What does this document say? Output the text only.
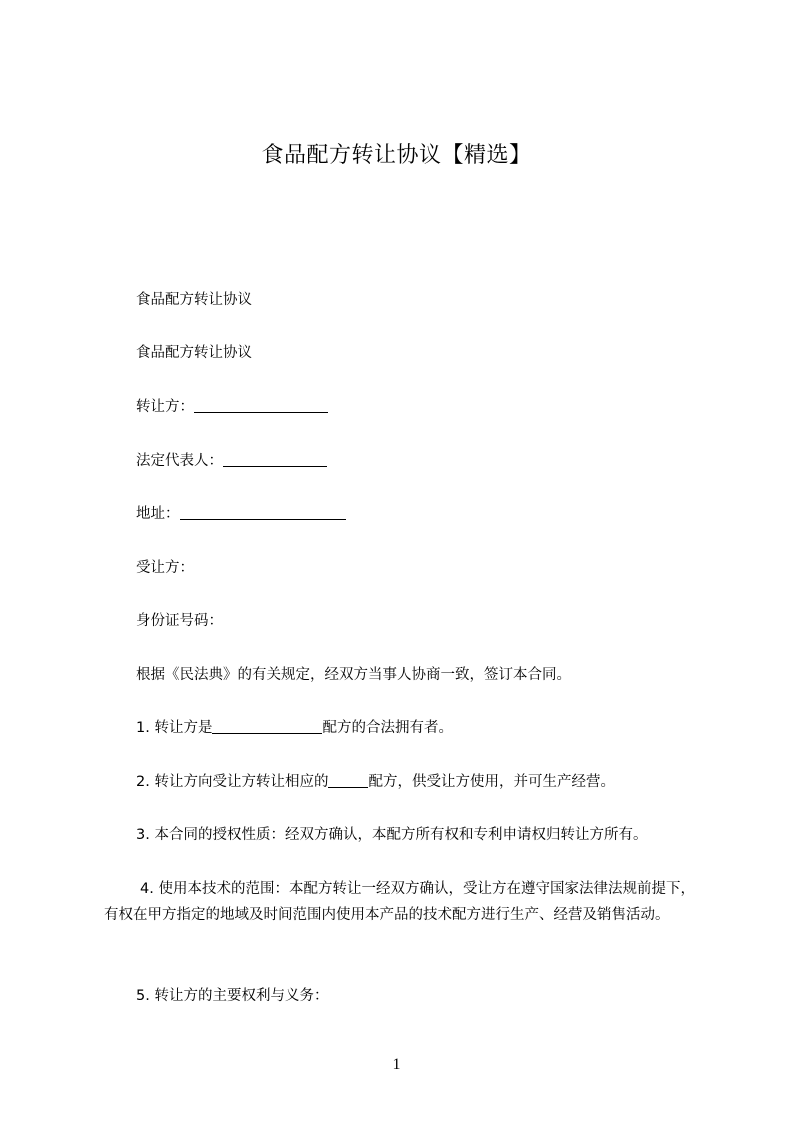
食品配方转让协议【精选】
食品配方转让协议
食品配方转让协议
转让方：
法定代表人：
地址：
受让方：
身份证号码：
根据《民法典》的有关规定，经双方当事人协商一致，签订本合同。
1. 转让方是	配方的合法拥有者。
2. 转让方向受让方转让相应的	配方，供受让方使用，并可生产经营。
3. 本合同的授权性质：经双方确认，本配方所有权和专利申请权归转让方所有。
4. 使用本技术的范围：本配方转让一经双方确认，受让方在遵守国家法律法规前提下，有权在甲方指定的地域及时间范围内使用本产品的技术配方进行生产、经营及销售活动。
5. 转让方的主要权利与义务：
1
